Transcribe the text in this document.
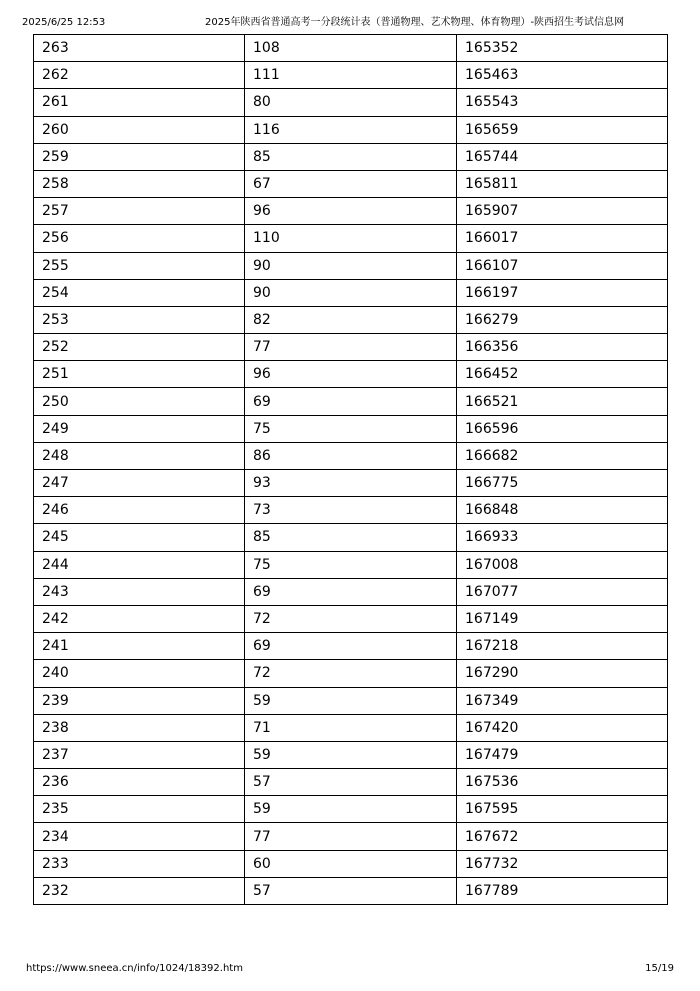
2025/6/25 12:53	2025年陕西省普通高考一分段统计表（普通物理、艺术物理、体育物理）-陕西招生考试信息网
263	108	165352
262	111	165463
261	80	165543
260	116	165659
259	85	165744
258	67	165811
257	96	165907
256	110	166017
255	90	166107
254	90	166197
253	82	166279
252	77	166356
251	96	166452
250	69	166521
249	75	166596
248	86	166682
247	93	166775
246	73	166848
245	85	166933
244	75	167008
243	69	167077
242	72	167149
241	69	167218
240	72	167290
239	59	167349
238	71	167420
237	59	167479
236	57	167536
235	59	167595
234	77	167672
233	60	167732
232	57	167789
https://www.sneea.cn/info/1024/18392.htm	15/19
